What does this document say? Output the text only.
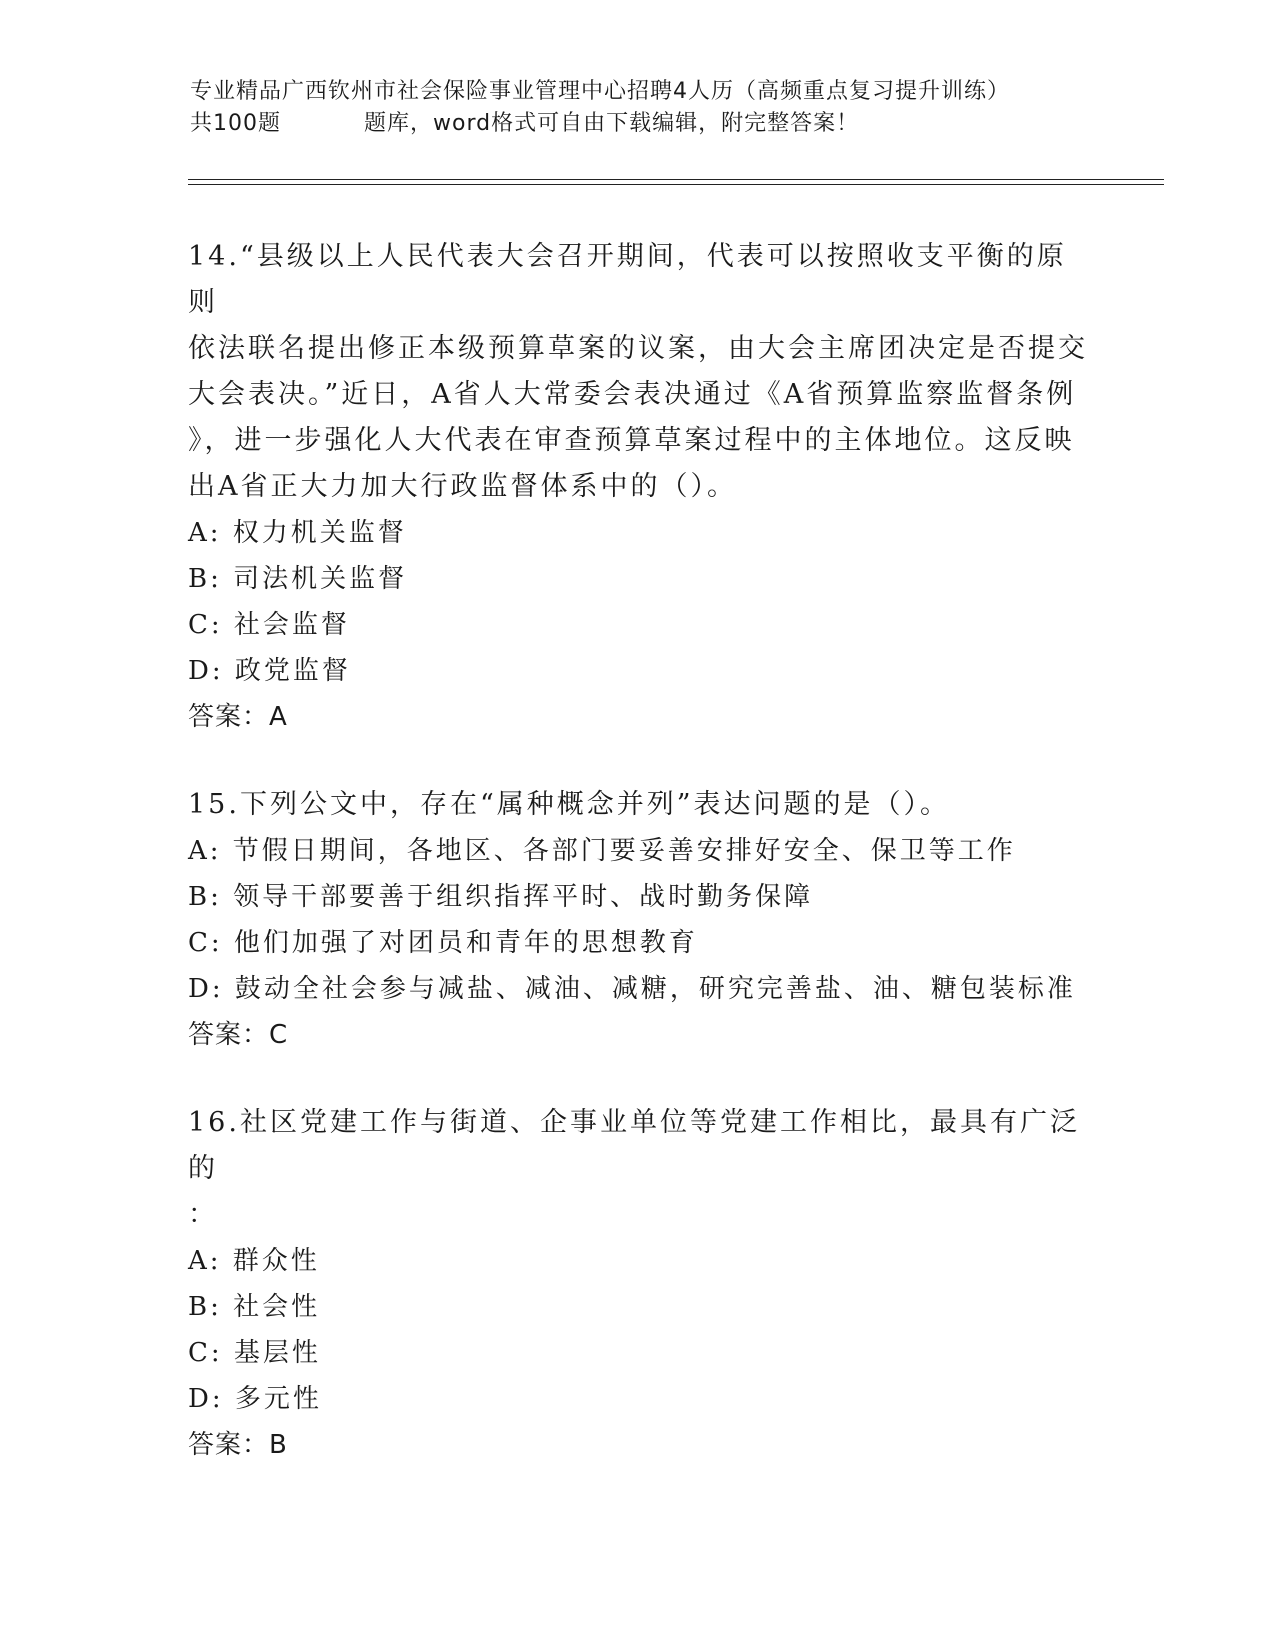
专业精品广西钦州市社会保险事业管理中心招聘4人历（高频重点复习提升训练）
共100题	题库，word格式可自由下载编辑，附完整答案！
14.“县级以上人民代表大会召开期间，代表可以按照收支平衡的原则
依法联名提出修正本级预算草案的议案，由大会主席团决定是否提交
大会表决。”近日，A省人大常委会表决通过《A省预算监察监督条例
》，进一步强化人大代表在审查预算草案过程中的主体地位。这反映
出A省正大力加大行政监督体系中的（）。
A: 权力机关监督
B: 司法机关监督
C: 社会监督
D: 政党监督
答案：A
15.下列公文中，存在“属种概念并列”表达问题的是（）。
A: 节假日期间，各地区、各部门要妥善安排好安全、保卫等工作
B: 领导干部要善于组织指挥平时、战时勤务保障
C: 他们加强了对团员和青年的思想教育
D: 鼓动全社会参与减盐、减油、减糖，研究完善盐、油、糖包装标准
答案：C
16.社区党建工作与街道、企事业单位等党建工作相比，最具有广泛的
：
A: 群众性
B: 社会性
C: 基层性
D: 多元性
答案：B
